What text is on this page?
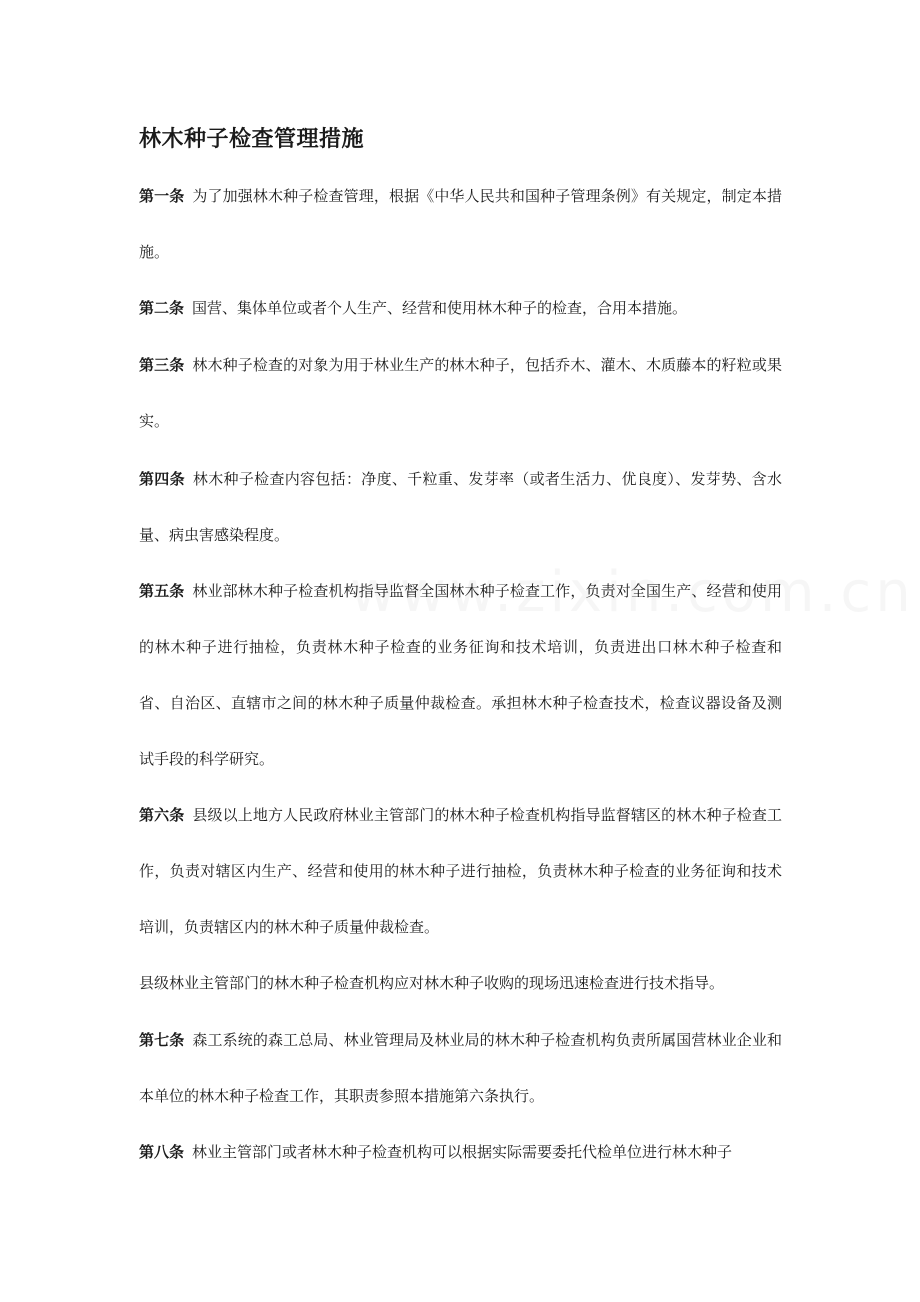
林木种子检查管理措施

第一条 为了加强林木种子检查管理，根据《中华人民共和国种子管理条例》有关规定，制定本措施。

第二条 国营、集体单位或者个人生产、经营和使用林木种子的检查，合用本措施。

第三条 林木种子检查的对象为用于林业生产的林木种子，包括乔木、灌木、木质藤本的籽粒或果实。

第四条 林木种子检查内容包括：净度、千粒重、发芽率（或者生活力、优良度）、发芽势、含水量、病虫害感染程度。

第五条 林业部林木种子检查机构指导监督全国林木种子检查工作，负责对全国生产、经营和使用的林木种子进行抽检，负责林木种子检查的业务征询和技术培训，负责进出口林木种子检查和省、自治区、直辖市之间的林木种子质量仲裁检查。承担林木种子检查技术，检查议器设备及测试手段的科学研究。

第六条 县级以上地方人民政府林业主管部门的林木种子检查机构指导监督辖区的林木种子检查工作，负责对辖区内生产、经营和使用的林木种子进行抽检，负责林木种子检查的业务征询和技术培训，负责辖区内的林木种子质量仲裁检查。

县级林业主管部门的林木种子检查机构应对林木种子收购的现场迅速检查进行技术指导。

第七条 森工系统的森工总局、林业管理局及林业局的林木种子检查机构负责所属国营林业企业和本单位的林木种子检查工作，其职责参照本措施第六条执行。

第八条 林业主管部门或者林木种子检查机构可以根据实际需要委托代检单位进行林木种子
